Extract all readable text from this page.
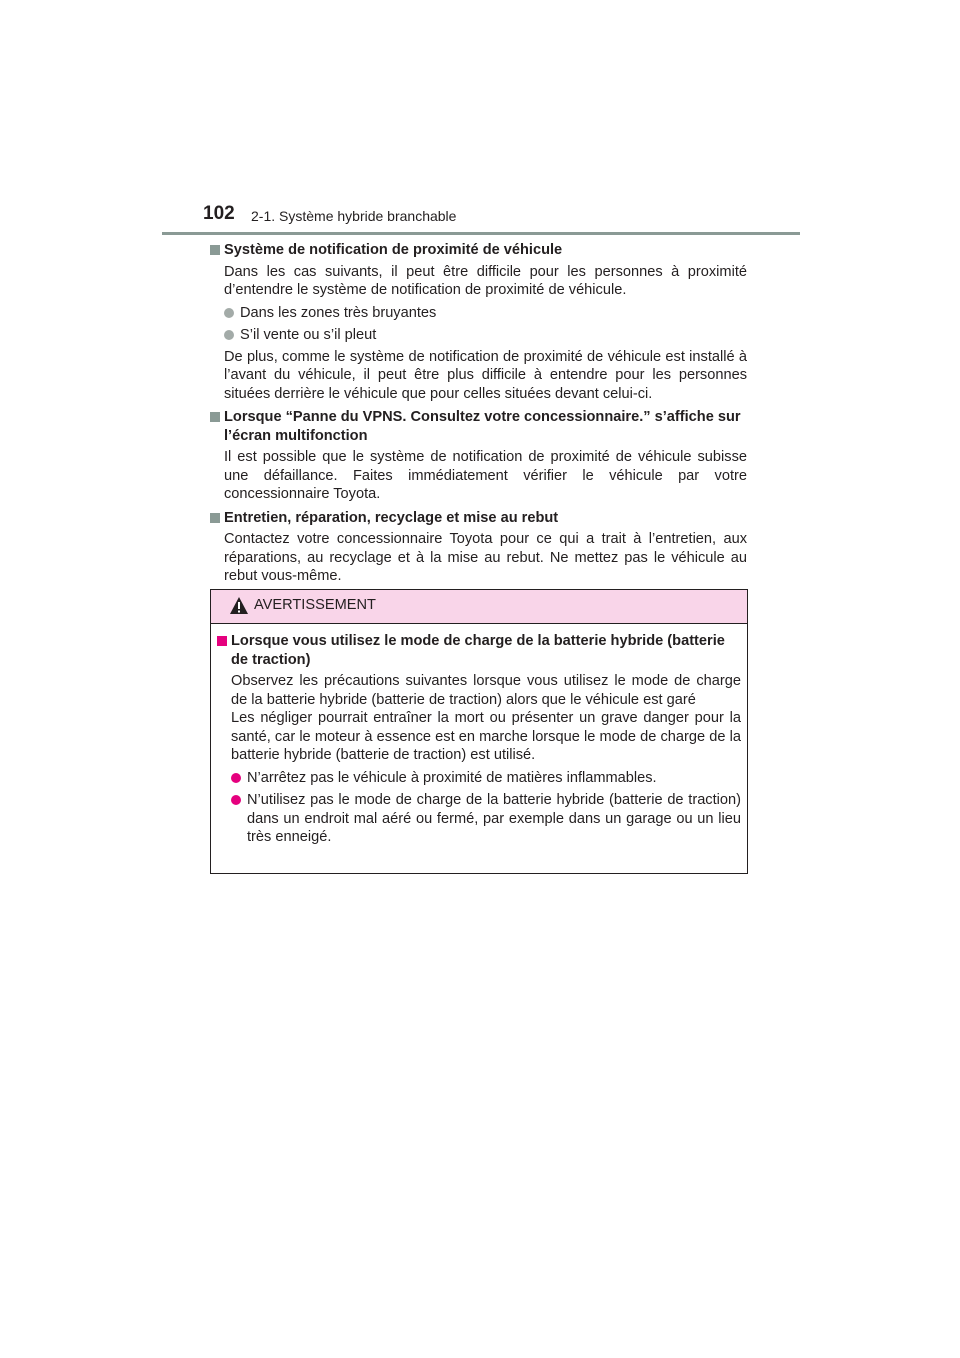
102 2-1. Système hybride branchable
Système de notification de proximité de véhicule
Dans les cas suivants, il peut être difficile pour les personnes à proximité d’entendre le système de notification de proximité de véhicule.
Dans les zones très bruyantes
S’il vente ou s’il pleut
De plus, comme le système de notification de proximité de véhicule est installé à l’avant du véhicule, il peut être plus difficile à entendre pour les personnes situées derrière le véhicule que pour celles situées devant celui-ci.
Lorsque “Panne du VPNS. Consultez votre concessionnaire.” s’affiche sur l’écran multifonction
Il est possible que le système de notification de proximité de véhicule subisse une défaillance. Faites immédiatement vérifier le véhicule par votre concessionnaire Toyota.
Entretien, réparation, recyclage et mise au rebut
Contactez votre concessionnaire Toyota pour ce qui a trait à l’entretien, aux réparations, au recyclage et à la mise au rebut. Ne mettez pas le véhicule au rebut vous-même.
AVERTISSEMENT
Lorsque vous utilisez le mode de charge de la batterie hybride (batterie de traction)
Observez les précautions suivantes lorsque vous utilisez le mode de charge de la batterie hybride (batterie de traction) alors que le véhicule est garé
Les négliger pourrait entraîner la mort ou présenter un grave danger pour la santé, car le moteur à essence est en marche lorsque le mode de charge de la batterie hybride (batterie de traction) est utilisé.
N’arrêtez pas le véhicule à proximité de matières inflammables.
N’utilisez pas le mode de charge de la batterie hybride (batterie de traction) dans un endroit mal aéré ou fermé, par exemple dans un garage ou un lieu très enneigé.
